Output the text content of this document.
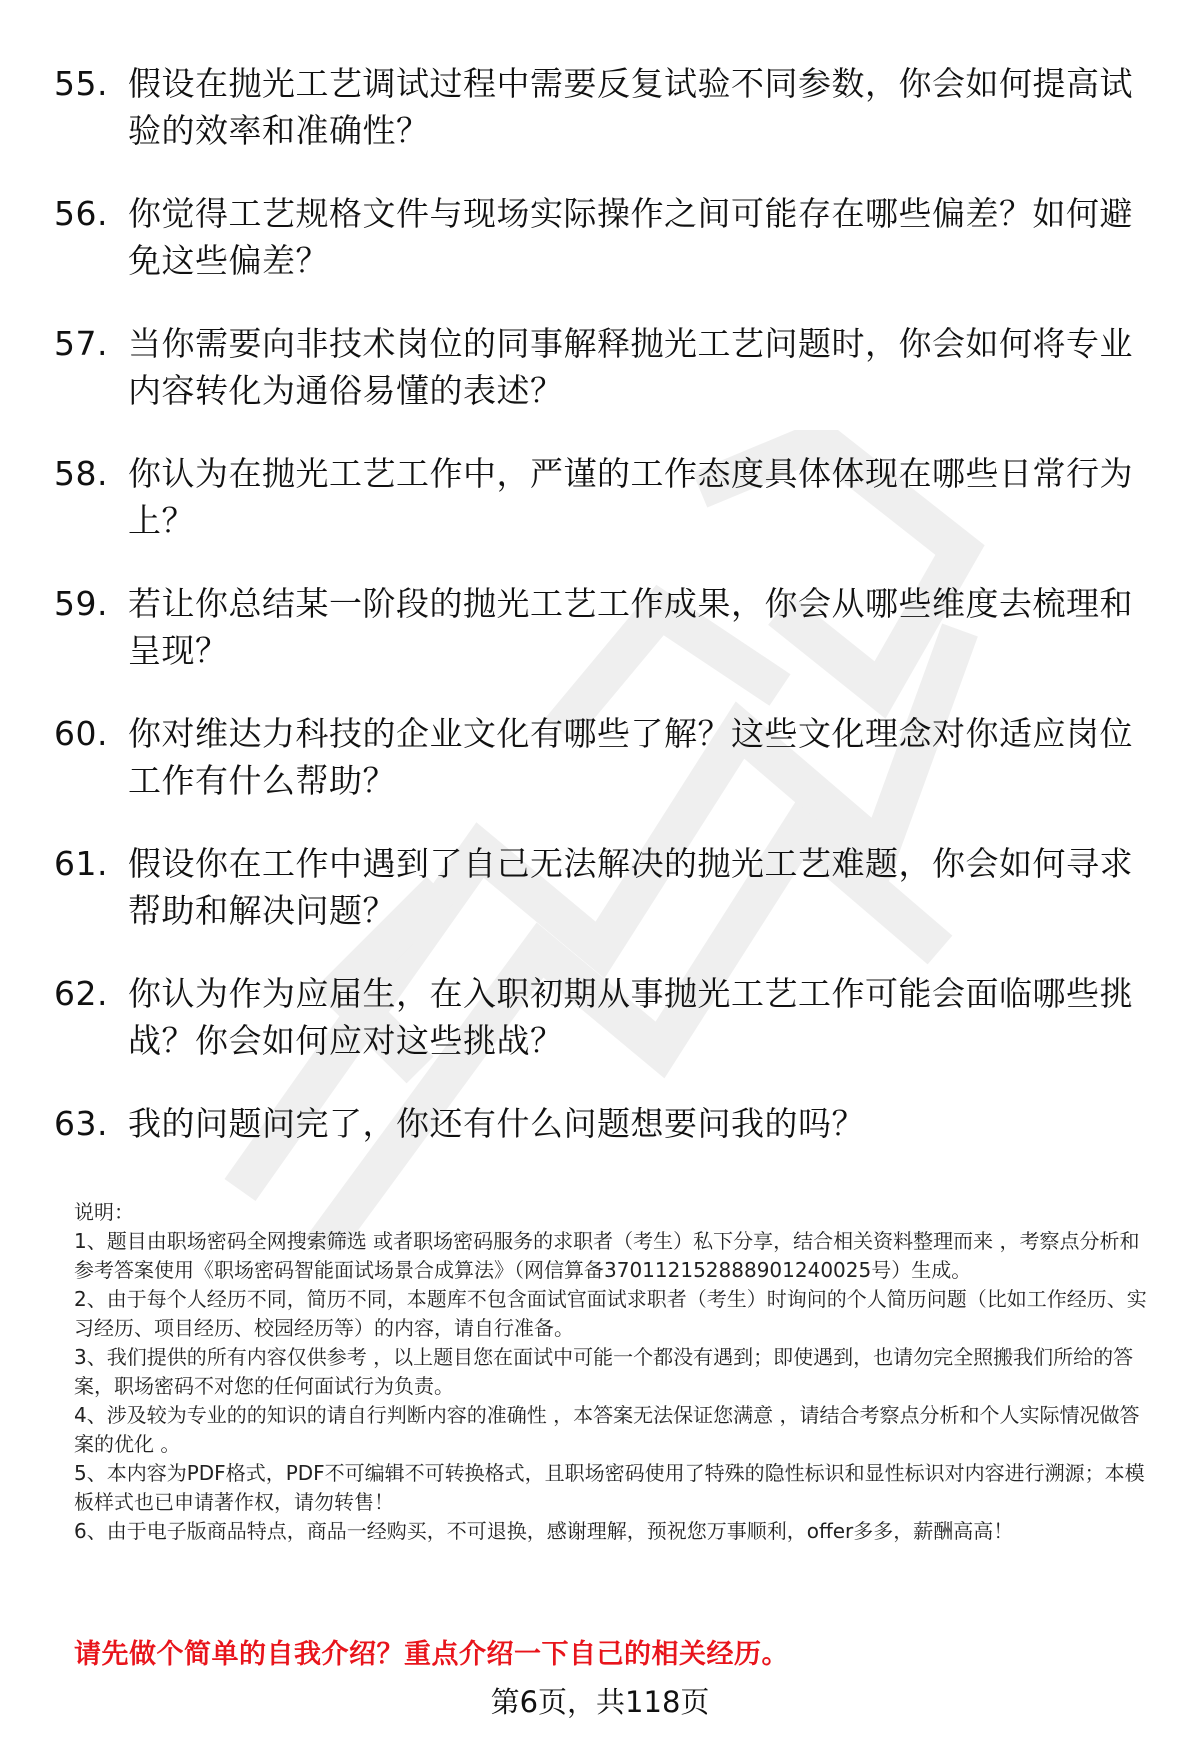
55. 假设在抛光工艺调试过程中需要反复试验不同参数，你会如何提高试验的效率和准确性？
56. 你觉得工艺规格文件与现场实际操作之间可能存在哪些偏差？如何避免这些偏差？
57. 当你需要向非技术岗位的同事解释抛光工艺问题时，你会如何将专业内容转化为通俗易懂的表述？
58. 你认为在抛光工艺工作中，严谨的工作态度具体体现在哪些日常行为上？
59. 若让你总结某一阶段的抛光工艺工作成果，你会从哪些维度去梳理和呈现？
60. 你对维达力科技的企业文化有哪些了解？这些文化理念对你适应岗位工作有什么帮助？
61. 假设你在工作中遇到了自己无法解决的抛光工艺难题，你会如何寻求帮助和解决问题？
62. 你认为作为应届生，在入职初期从事抛光工艺工作可能会面临哪些挑战？你会如何应对这些挑战？
63. 我的问题问完了，你还有什么问题想要问我的吗？

说明：

1、题目由职场密码全网搜索筛选 或者职场密码服务的求职者（考生）私下分享，结合相关资料整理而来 ，考察点分析和参考答案使用《职场密码智能面试场景合成算法》（网信算备370112152888901240025号）生成。

2、由于每个人经历不同，简历不同，本题库不包含面试官面试求职者（考生）时询问的个人简历问题（比如工作经历、实习经历、项目经历、校园经历等）的内容，请自行准备。

3、我们提供的所有内容仅供参考 ，以上题目您在面试中可能一个都没有遇到；即使遇到，也请勿完全照搬我们所给的答案，职场密码不对您的任何面试行为负责。

4、涉及较为专业的的知识的请自行判断内容的准确性 ，本答案无法保证您满意 ，请结合考察点分析和个人实际情况做答案的优化 。

5、本内容为PDF格式，PDF不可编辑不可转换格式，且职场密码使用了特殊的隐性标识和显性标识对内容进行溯源；本模板样式也已申请著作权，请勿转售！

6、由于电子版商品特点，商品一经购买，不可退换，感谢理解，预祝您万事顺利，offer多多，薪酬高高！

请先做个简单的自我介绍？重点介绍一下自己的相关经历。
第6页，共118页
